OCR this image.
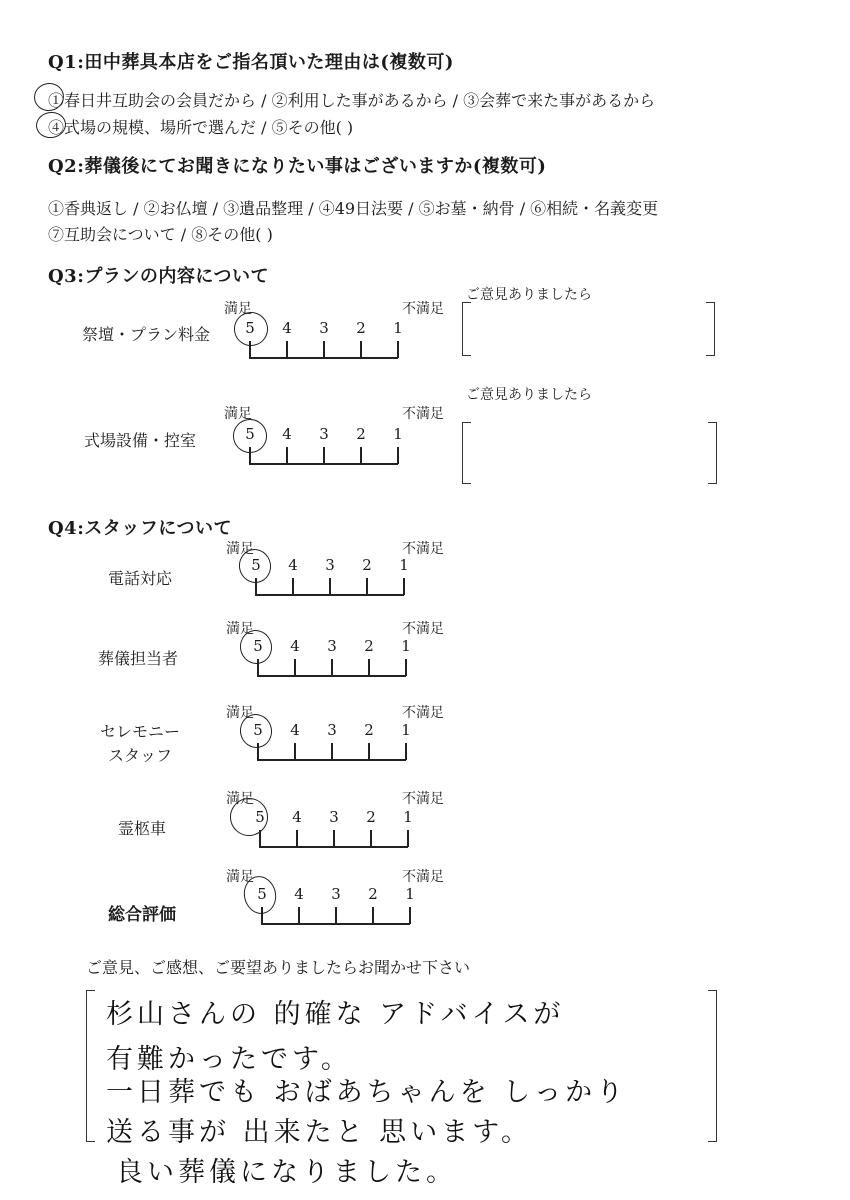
Q1:田中葬具本店をご指名頂いた理由は(複数可)
①春日井互助会の会員だから / ②利用した事があるから / ③会葬で来た事があるから
④式場の規模、場所で選んだ / ⑤その他( )
Q2:葬儀後にてお聞きになりたい事はございますか(複数可)
①香典返し / ②お仏壇 / ③遺品整理 / ④49日法要 / ⑤お墓・納骨 / ⑥相続・名義変更
⑦互助会について / ⑧その他( )
Q3:プランの内容について
祭壇・プラン料金
満足	不満足
ご意見ありましたら
5 4 3 2 1
式場設備・控室
満足	不満足
ご意見ありましたら
5 4 3 2 1
Q4:スタッフについて
電話対応
満足	不満足
5 4 3 2 1
葬儀担当者
満足	不満足
5 4 3 2 1
セレモニー
スタッフ
満足	不満足
5 4 3 2 1
霊柩車
満足	不満足
5 4 3 2 1
総合評価
満足	不満足
5 4 3 2 1
ご意見、ご感想、ご要望ありましたらお聞かせ下さい
杉山さんの 的確な アドバイスが
有難かったです。
一日葬でも おばあちゃんを しっかり
送る事が 出来たと 思います。
良い葬儀になりました。
